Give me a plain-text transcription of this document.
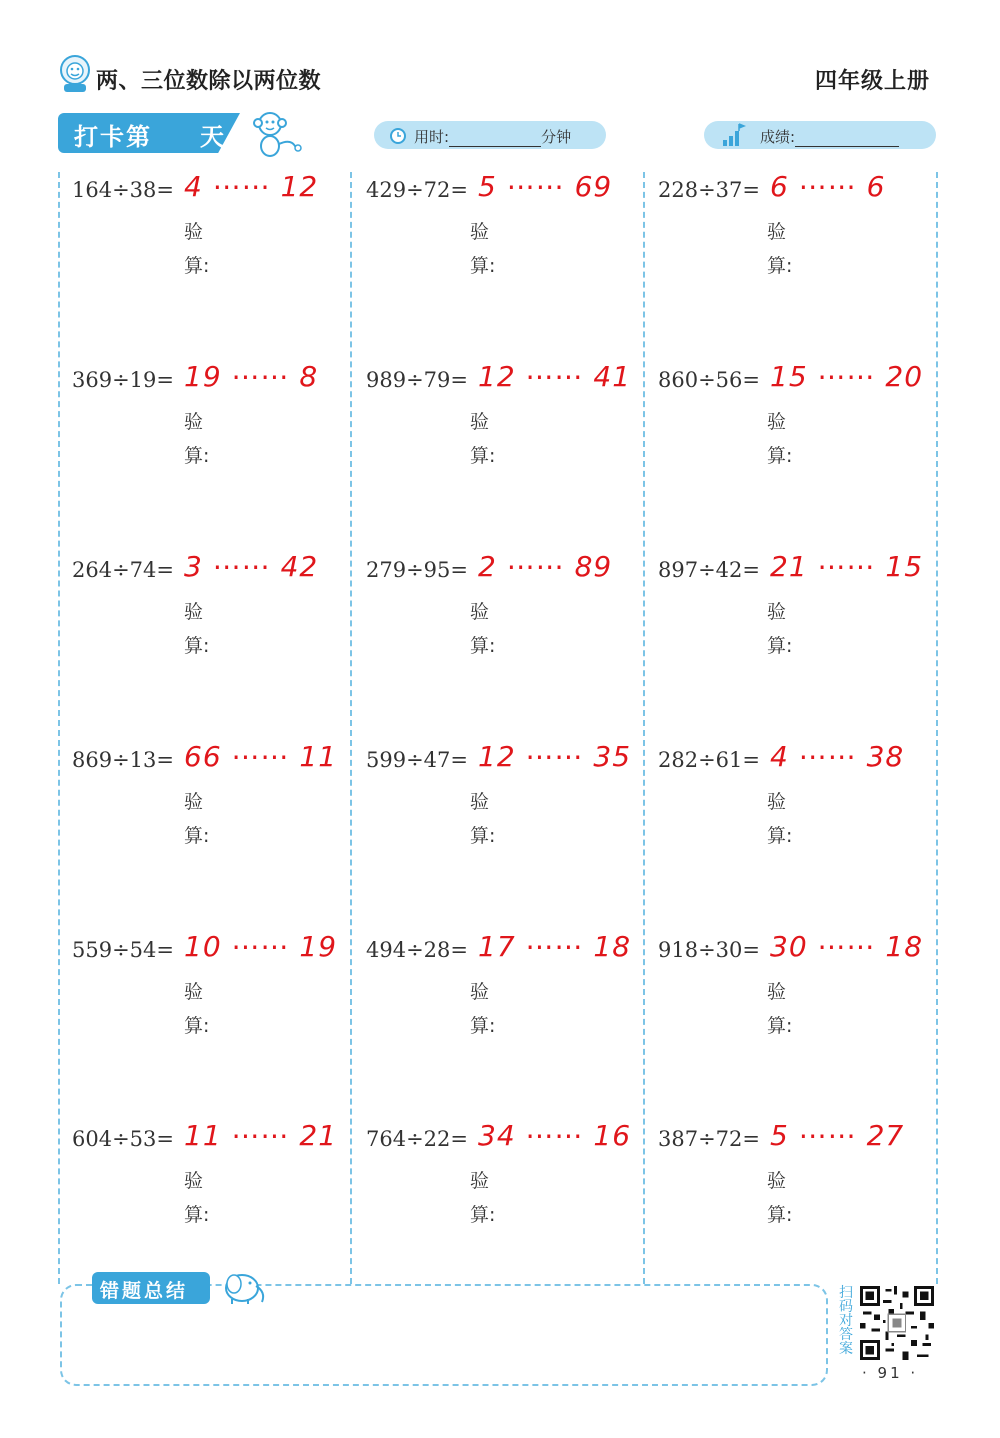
两、三位数除以两位数	四年级上册
打卡第 天	用时:	分钟	成绩:
164÷38= 4 ⋯⋯ 12
验
算:
369÷19= 19 ⋯⋯ 8
验
算:
264÷74= 3 ⋯⋯ 42
验
算:
869÷13= 66 ⋯⋯ 11
验
算:
559÷54= 10 ⋯⋯ 19
验
算:
604÷53= 11 ⋯⋯ 21
验
算:
429÷72= 5 ⋯⋯ 69
验
算:
989÷79= 12 ⋯⋯ 41
验
算:
279÷95= 2 ⋯⋯ 89
验
算:
599÷47= 12 ⋯⋯ 35
验
算:
494÷28= 17 ⋯⋯ 18
验
算:
764÷22= 34 ⋯⋯ 16
验
算:
228÷37= 6 ⋯⋯ 6
验
算:
860÷56= 15 ⋯⋯ 20
验
算:
897÷42= 21 ⋯⋯ 15
验
算:
282÷61= 4 ⋯⋯ 38
验
算:
918÷30= 30 ⋯⋯ 18
验
算:
387÷72= 5 ⋯⋯ 27
验
算:
错题总结	扫码对答案
· 91 ·
